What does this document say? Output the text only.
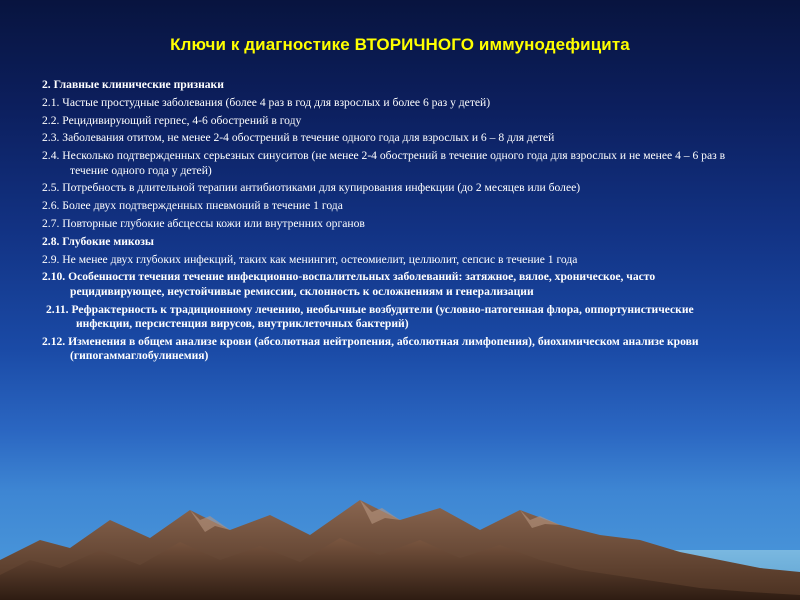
Ключи к диагностике ВТОРИЧНОГО иммунодефицита
2. Главные клинические признаки
2.1. Частые простудные заболевания (более 4 раз в год для взрослых и более 6 раз у детей)
2.2. Рецидивирующий герпес, 4-6 обострений в году
2.3. Заболевания отитом, не менее 2-4 обострений в течение одного года для взрослых и 6 – 8 для детей
2.4. Несколько подтвержденных серьезных синуситов (не менее 2-4 обострений в течение одного года для взрослых и не менее 4 – 6 раз в течение одного года у детей)
2.5. Потребность в длительной терапии антибиотиками для купирования инфекции (до 2 месяцев или более)
2.6. Более двух подтвержденных пневмоний в течение 1 года
2.7. Повторные глубокие абсцессы кожи или внутренних органов
2.8. Глубокие микозы
2.9. Не менее двух глубоких инфекций, таких как менингит, остеомиелит, целлюлит, сепсис в течение 1 года
2.10. Особенности течения течение инфекционно-воспалительных заболеваний: затяжное, вялое, хроническое, часто рецидивирующее, неустойчивые ремиссии, склонность к осложнениям и генерализации
2.11. Рефрактерность к традиционному лечению, необычные возбудители (условно-патогенная флора, оппортунистические инфекции, персистенция вирусов, внутриклеточных бактерий)
2.12. Изменения в общем анализе крови (абсолютная нейтропения, абсолютная лимфопения), биохимическом анализе крови (гипогаммаглобулинемия)
